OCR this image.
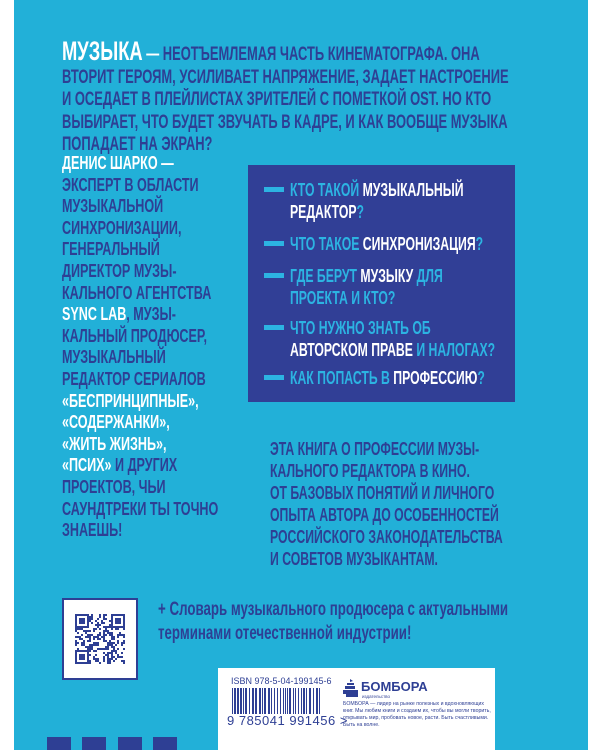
МУЗЫКА — НЕОТЪЕМЛЕМАЯ ЧАСТЬ КИНЕМАТОГРАФА. ОНА
ВТОРИТ ГЕРОЯМ, УСИЛИВАЕТ НАПРЯЖЕНИЕ, ЗАДАЕТ НАСТРОЕНИЕ
И ОСЕДАЕТ В ПЛЕЙЛИСТАХ ЗРИТЕЛЕЙ С ПОМЕТКОЙ OST. НО КТО
ВЫБИРАЕТ, ЧТО БУДЕТ ЗВУЧАТЬ В КАДРЕ, И КАК ВООБЩЕ МУЗЫКА
ПОПАДАЕТ НА ЭКРАН?
ДЕНИС ШАРКО —
ЭКСПЕРТ В ОБЛАСТИ
МУЗЫКАЛЬНОЙ
СИНХРОНИЗАЦИИ,
ГЕНЕРАЛЬНЫЙ
ДИРЕКТОР МУЗЫ-
КАЛЬНОГО АГЕНТСТВА
SYNC LAB, МУЗЫ-
КАЛЬНЫЙ ПРОДЮСЕР,
МУЗЫКАЛЬНЫЙ
РЕДАКТОР СЕРИАЛОВ
«БЕСПРИНЦИПНЫЕ»,
«СОДЕРЖАНКИ»,
«ЖИТЬ ЖИЗНЬ»,
«ПСИХ» И ДРУГИХ
ПРОЕКТОВ, ЧЬИ
САУНДТРЕКИ ТЫ ТОЧНО
ЗНАЕШЬ!
КТО ТАКОЙ МУЗЫКАЛЬНЫЙ
РЕДАКТОР?
ЧТО ТАКОЕ СИНХРОНИЗАЦИЯ?
ГДЕ БЕРУТ МУЗЫКУ ДЛЯ
ПРОЕКТА И КТО?
ЧТО НУЖНО ЗНАТЬ ОБ
АВТОРСКОМ ПРАВЕ И НАЛОГАХ?
КАК ПОПАСТЬ В ПРОФЕССИЮ?
ЭТА КНИГА О ПРОФЕССИИ МУЗЫ-
КАЛЬНОГО РЕДАКТОРА В КИНО.
ОТ БАЗОВЫХ ПОНЯТИЙ И ЛИЧНОГО
ОПЫТА АВТОРА ДО ОСОБЕННОСТЕЙ
РОССИЙСКОГО ЗАКОНОДАТЕЛЬСТВА
И СОВЕТОВ МУЗЫКАНТАМ.
+ Словарь музыкального продюсера с актуальными
терминами отечественной индустрии!
ISBN 978-5-04-199145-6
9 785041 991456 >
БОМБОРА
издательство
БОМБОРА — лидер на рынке полезных и вдохновляющих книг. Мы любим книги и создаем их, чтобы вы могли творить, открывать мир, пробовать новое, расти. Быть счастливыми. Быть на волне.
